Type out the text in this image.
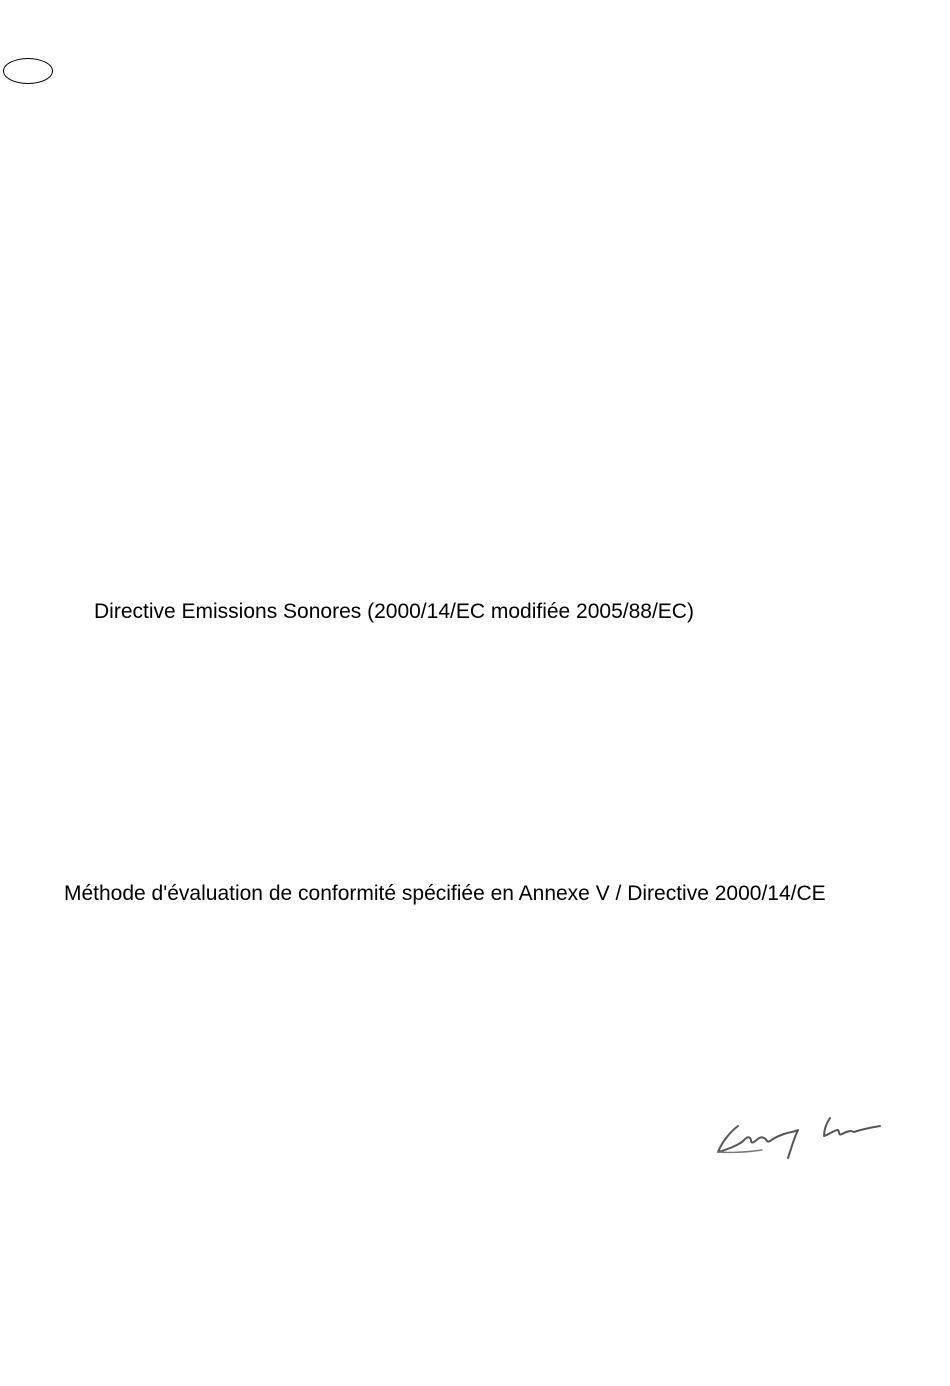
Directive Emissions Sonores (2000/14/EC modifiée 2005/88/EC)
Méthode d'évaluation de conformité spécifiée en Annexe V / Directive 2000/14/CE
